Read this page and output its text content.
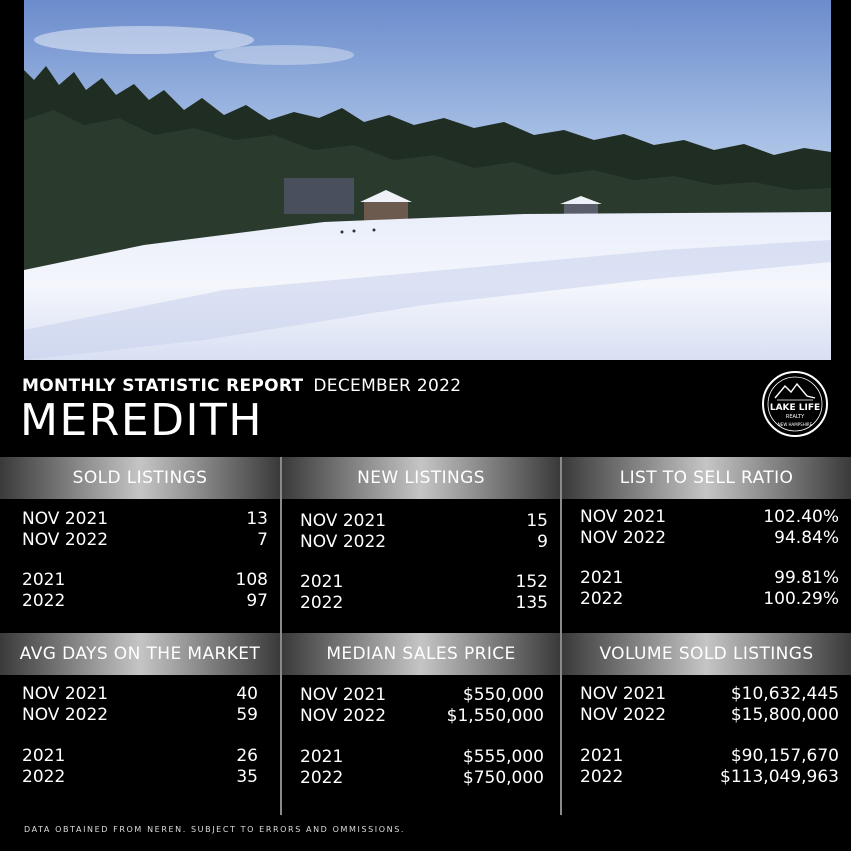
MONTHLY STATISTIC REPORT DECEMBER 2022
MEREDITH	LAKE LIFE
REALTY
NEW HAMPSHIRE
SOLD LISTINGS
NOV 2021	13
NOV 2022	7
2021	108
2022	97
NEW LISTINGS
NOV 2021	15
NOV 2022	9
2021	152
2022	135
LIST TO SELL RATIO
NOV 2021	102.40%
NOV 2022	94.84%
2021	99.81%
2022	100.29%
AVG DAYS ON THE MARKET
NOV 2021	40
NOV 2022	59
2021	26
2022	35
MEDIAN SALES PRICE
NOV 2021	$550,000
NOV 2022	$1,550,000
2021	$555,000
2022	$750,000
VOLUME SOLD LISTINGS
NOV 2021	$10,632,445
NOV 2022	$15,800,000
2021	$90,157,670
2022	$113,049,963
DATA OBTAINED FROM NEREN. SUBJECT TO ERRORS AND OMMISSIONS.
